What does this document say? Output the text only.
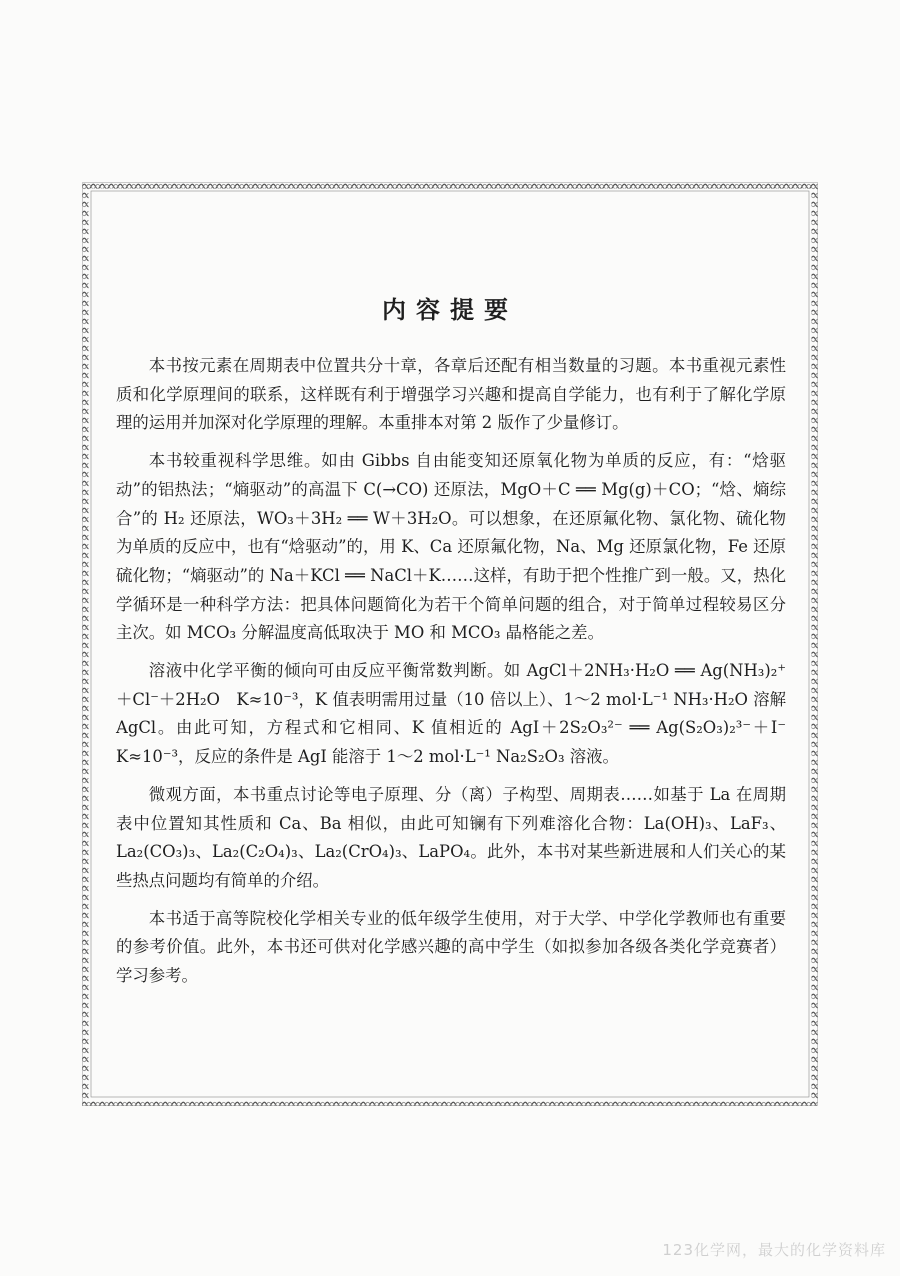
内容提要

本书按元素在周期表中位置共分十章，各章后还配有相当数量的习题。本书重视元素性质和化学原理间的联系，这样既有利于增强学习兴趣和提高自学能力，也有利于了解化学原理的运用并加深对化学原理的理解。本重排本对第 2 版作了少量修订。

本书较重视科学思维。如由 Gibbs 自由能变知还原氧化物为单质的反应，有：“焓驱动”的铝热法；“熵驱动”的高温下 C(→CO) 还原法，MgO＋C ══ Mg(g)＋CO；“焓、熵综合”的 H₂ 还原法，WO₃＋3H₂ ══ W＋3H₂O。可以想象，在还原氟化物、氯化物、硫化物为单质的反应中，也有“焓驱动”的，用 K、Ca 还原氟化物，Na、Mg 还原氯化物，Fe 还原硫化物；“熵驱动”的 Na＋KCl ══ NaCl＋K……这样，有助于把个性推广到一般。又，热化学循环是一种科学方法：把具体问题简化为若干个简单问题的组合，对于简单过程较易区分主次。如 MCO₃ 分解温度高低取决于 MO 和 MCO₃ 晶格能之差。

溶液中化学平衡的倾向可由反应平衡常数判断。如 AgCl＋2NH₃·H₂O ══ Ag(NH₃)₂⁺＋Cl⁻＋2H₂O　K≈10⁻³，K 值表明需用过量（10 倍以上）、1～2 mol·L⁻¹ NH₃·H₂O 溶解 AgCl。由此可知，方程式和它相同、K 值相近的 AgI＋2S₂O₃²⁻ ══ Ag(S₂O₃)₂³⁻＋I⁻　K≈10⁻³，反应的条件是 AgI 能溶于 1～2 mol·L⁻¹ Na₂S₂O₃ 溶液。

微观方面，本书重点讨论等电子原理、分（离）子构型、周期表……如基于 La 在周期表中位置知其性质和 Ca、Ba 相似，由此可知镧有下列难溶化合物：La(OH)₃、LaF₃、La₂(CO₃)₃、La₂(C₂O₄)₃、La₂(CrO₄)₃、LaPO₄。此外，本书对某些新进展和人们关心的某些热点问题均有简单的介绍。

本书适于高等院校化学相关专业的低年级学生使用，对于大学、中学化学教师也有重要的参考价值。此外，本书还可供对化学感兴趣的高中学生（如拟参加各级各类化学竞赛者）学习参考。

123化学网，最大的化学资料库
